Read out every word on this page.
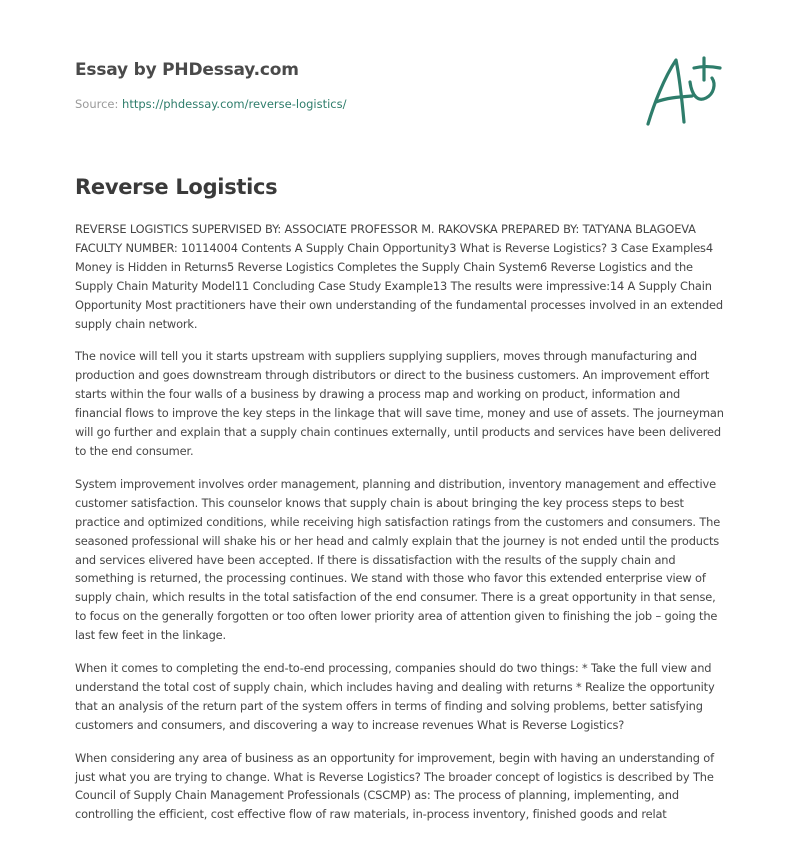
Essay by PHDessay.com
Source: https://phdessay.com/reverse-logistics/
Reverse Logistics

REVERSE LOGISTICS SUPERVISED BY: ASSOCIATE PROFESSOR M. RAKOVSKA PREPARED BY: TATYANA BLAGOEVA FACULTY NUMBER: 10114004 Contents A Supply Chain Opportunity3 What is Reverse Logistics? 3 Case Examples4 Money is Hidden in Returns5 Reverse Logistics Completes the Supply Chain System6 Reverse Logistics and the Supply Chain Maturity Model11 Concluding Case Study Example13 The results were impressive:14 A Supply Chain Opportunity Most practitioners have their own understanding of the fundamental processes involved in an extended supply chain network.

The novice will tell you it starts upstream with suppliers supplying suppliers, moves through manufacturing and production and goes downstream through distributors or direct to the business customers. An improvement effort starts within the four walls of a business by drawing a process map and working on product, information and financial flows to improve the key steps in the linkage that will save time, money and use of assets. The journeyman will go further and explain that a supply chain continues externally, until products and services have been delivered to the end consumer.

System improvement involves order management, planning and distribution, inventory management and effective customer satisfaction. This counselor knows that supply chain is about bringing the key process steps to best practice and optimized conditions, while receiving high satisfaction ratings from the customers and consumers. The seasoned professional will shake his or her head and calmly explain that the journey is not ended until the products and services elivered have been accepted. If there is dissatisfaction with the results of the supply chain and something is returned, the processing continues. We stand with those who favor this extended enterprise view of supply chain, which results in the total satisfaction of the end consumer. There is a great opportunity in that sense, to focus on the generally forgotten or too often lower priority area of attention given to finishing the job – going the last few feet in the linkage.

When it comes to completing the end-to-end processing, companies should do two things: * Take the full view and understand the total cost of supply chain, which includes having and dealing with returns * Realize the opportunity that an analysis of the return part of the system offers in terms of finding and solving problems, better satisfying customers and consumers, and discovering a way to increase revenues What is Reverse Logistics?

When considering any area of business as an opportunity for improvement, begin with having an understanding of just what you are trying to change. What is Reverse Logistics? The broader concept of logistics is described by The Council of Supply Chain Management Professionals (CSCMP) as: The process of planning, implementing, and controlling the efficient, cost effective flow of raw materials, in-process inventory, finished goods and relat
